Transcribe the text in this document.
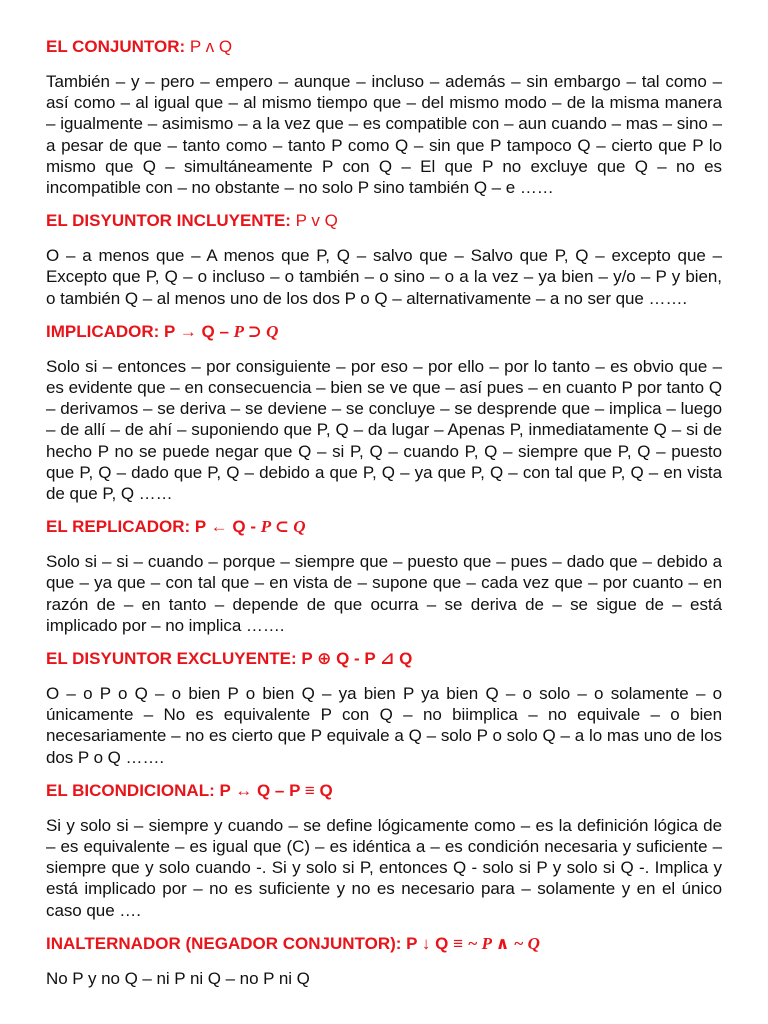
EL CONJUNTOR: P ʌ Q

También – y – pero – empero – aunque – incluso – además – sin embargo – tal como – así como – al igual que – al mismo tiempo que – del mismo modo – de la misma manera – igualmente – asimismo – a la vez que – es compatible con – aun cuando – mas – sino – a pesar de que – tanto como – tanto P como Q – sin que P tampoco Q – cierto que P lo mismo que Q – simultáneamente P con Q – El que P no excluye que Q – no es incompatible con – no obstante – no solo P sino también Q – e ……

EL DISYUNTOR INCLUYENTE: P v Q

O – a menos que – A menos que P, Q – salvo que – Salvo que P, Q – excepto que – Excepto que P, Q – o incluso – o también – o sino – o a la vez – ya bien – y/o – P y bien, o también Q – al menos uno de los dos P o Q – alternativamente – a no ser que …….

IMPLICADOR: P → Q – P ⊃ Q

Solo si – entonces – por consiguiente – por eso – por ello – por lo tanto – es obvio que – es evidente que – en consecuencia – bien se ve que – así pues – en cuanto P por tanto Q – derivamos – se deriva – se deviene – se concluye – se desprende que – implica – luego – de allí – de ahí – suponiendo que P, Q – da lugar – Apenas P, inmediatamente Q – si de hecho P no se puede negar que Q – si P, Q – cuando P, Q – siempre que P, Q – puesto que P, Q – dado que P, Q – debido a que P, Q – ya que P, Q – con tal que P, Q – en vista de que P, Q ……

EL REPLICADOR: P ← Q - P ⊂ Q

Solo si – si – cuando – porque – siempre que – puesto que – pues – dado que – debido a que – ya que – con tal que – en vista de – supone que – cada vez que – por cuanto – en razón de – en tanto – depende de que ocurra – se deriva de – se sigue de – está implicado por – no implica …….

EL DISYUNTOR EXCLUYENTE: P ⊕ Q - P ⊿ Q

O – o P o Q – o bien P o bien Q – ya bien P ya bien Q – o solo – o solamente – o únicamente – No es equivalente P con Q – no biimplica – no equivale – o bien necesariamente – no es cierto que P equivale a Q – solo P o solo Q – a lo mas uno de los dos P o Q …….

EL BICONDICIONAL: P ↔ Q – P ≡ Q

Si y solo si – siempre y cuando – se define lógicamente como – es la definición lógica de – es equivalente – es igual que (C) – es idéntica a – es condición necesaria y suficiente – siempre que y solo cuando -. Si y solo si P, entonces Q - solo si P y solo si Q -. Implica y está implicado por – no es suficiente y no es necesario para – solamente y en el único caso que ….

INALTERNADOR (NEGADOR CONJUNTOR): P ↓ Q ≡ ~ P ∧ ~ Q

No P y no Q – ni P ni Q – no P ni Q
